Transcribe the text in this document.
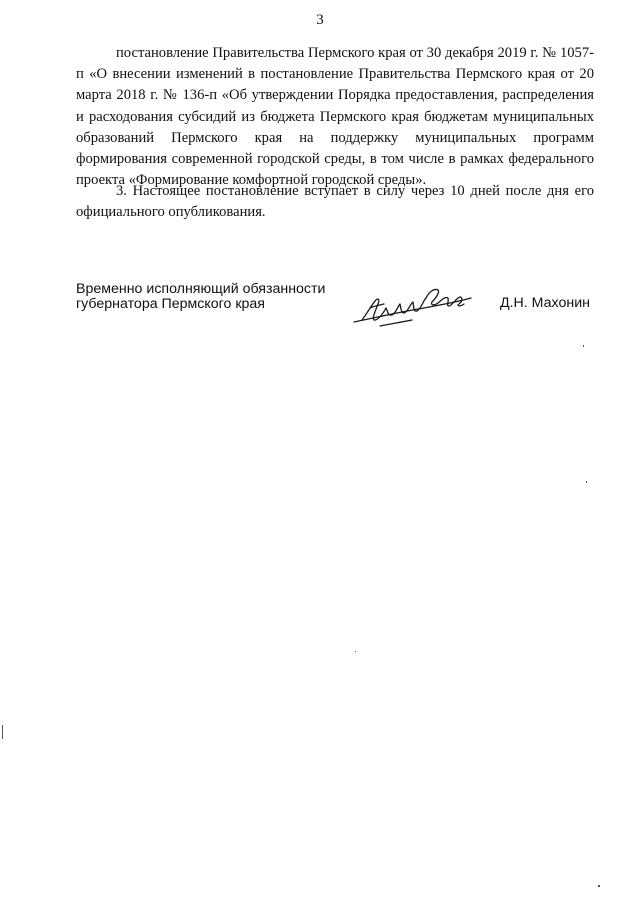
3

постановление Правительства Пермского края от 30 декабря 2019 г. № 1057-п «О внесении изменений в постановление Правительства Пермского края от 20 марта 2018 г. № 136-п «Об утверждении Порядка предоставления, распределения и расходования субсидий из бюджета Пермского края бюджетам муниципальных образований Пермского края на поддержку муниципальных программ формирования современной городской среды, в том числе в рамках федерального проекта «Формирование комфортной городской среды».

3. Настоящее постановление вступает в силу через 10 дней после дня его официального опубликования.

Временно исполняющий обязанности
губернатора Пермского края	Д.Н. Махонин
